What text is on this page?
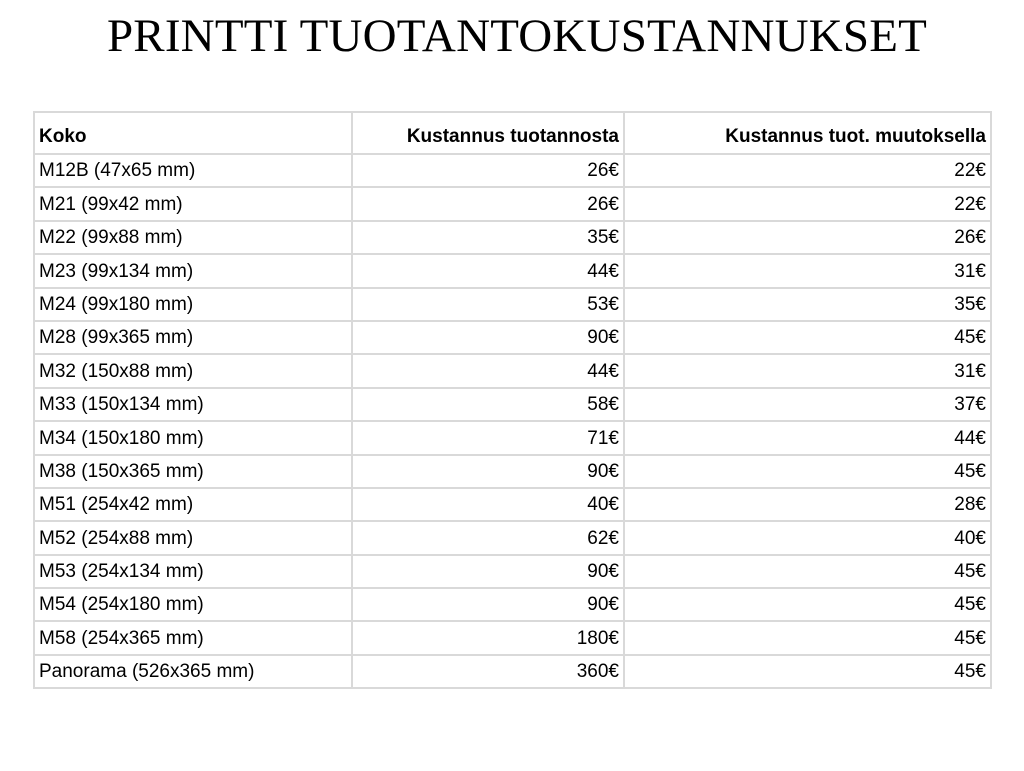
PRINTTI TUOTANTOKUSTANNUKSET
Koko	Kustannus tuotannosta	Kustannus tuot. muutoksella
M12B (47x65 mm)	26€	22€
M21 (99x42 mm)	26€	22€
M22 (99x88 mm)	35€	26€
M23 (99x134 mm)	44€	31€
M24 (99x180 mm)	53€	35€
M28 (99x365 mm)	90€	45€
M32 (150x88 mm)	44€	31€
M33 (150x134 mm)	58€	37€
M34 (150x180 mm)	71€	44€
M38 (150x365 mm)	90€	45€
M51 (254x42 mm)	40€	28€
M52 (254x88 mm)	62€	40€
M53 (254x134 mm)	90€	45€
M54 (254x180 mm)	90€	45€
M58 (254x365 mm)	180€	45€
Panorama (526x365 mm)	360€	45€
